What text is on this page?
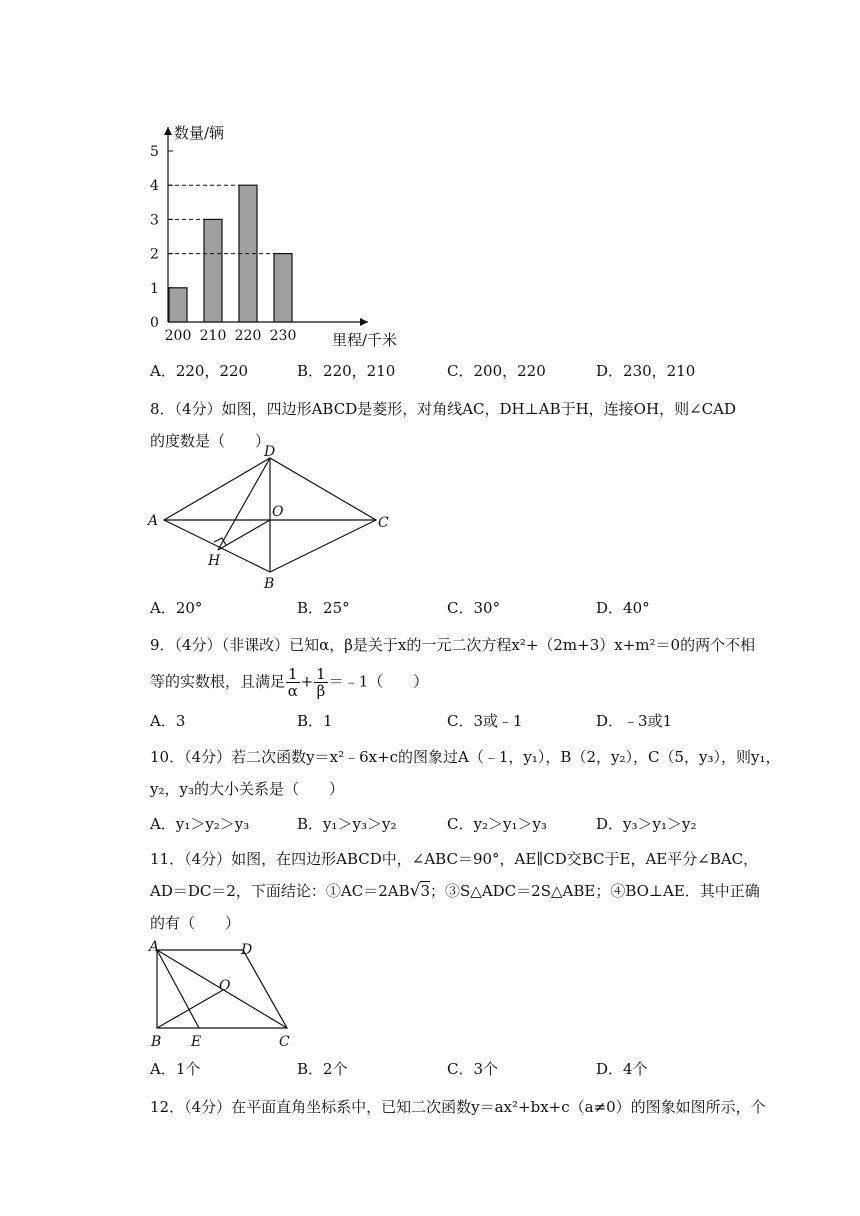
0
1
2
3
4
5
200 210 220 230
数量/辆
里程/千米
A．220，220	B．220，210	C．200，220	D．230，210
8．（4分）如图，四边形ABCD是菱形，对角线AC，DH⊥AB于H，连接OH，则∠CAD
的度数是（　　）
A
D
C
B
O
H
A．20°	B．25°	C．30°	D．40°
9．（4分）（非课改）已知α，β是关于x的一元二次方程x²+（2m+3）x+m²＝0的两个不相
等的实数根，且满足 $\frac{1}{\alpha} + \frac{1}{\beta}$ ＝﹣1（　　）
A．3	B．1	C．3或﹣1	D．﹣3或1
10．（4分）若二次函数y＝x²﹣6x+c的图象过A（﹣1，y₁），B（2，y₂），C（5，y₃），则y₁，
y₂，y₃的大小关系是（　　）
A．y₁＞y₂＞y₃	B．y₁＞y₃＞y₂	C．y₂＞y₁＞y₃	D．y₃＞y₁＞y₂
11．（4分）如图，在四边形ABCD中，∠ABC＝90°，AE∥CD交BC于E，AE平分∠BAC，
AD＝DC＝2，下面结论：①AC＝2AB√3；③S△ADC＝2S△ABE；④BO⊥AE．其中正确
的有（　　）
A	D
B E	C
O
A．1个	B．2个	C．3个	D．4个
12．（4分）在平面直角坐标系中，已知二次函数y＝ax²+bx+c（a≠0）的图象如图所示，个
